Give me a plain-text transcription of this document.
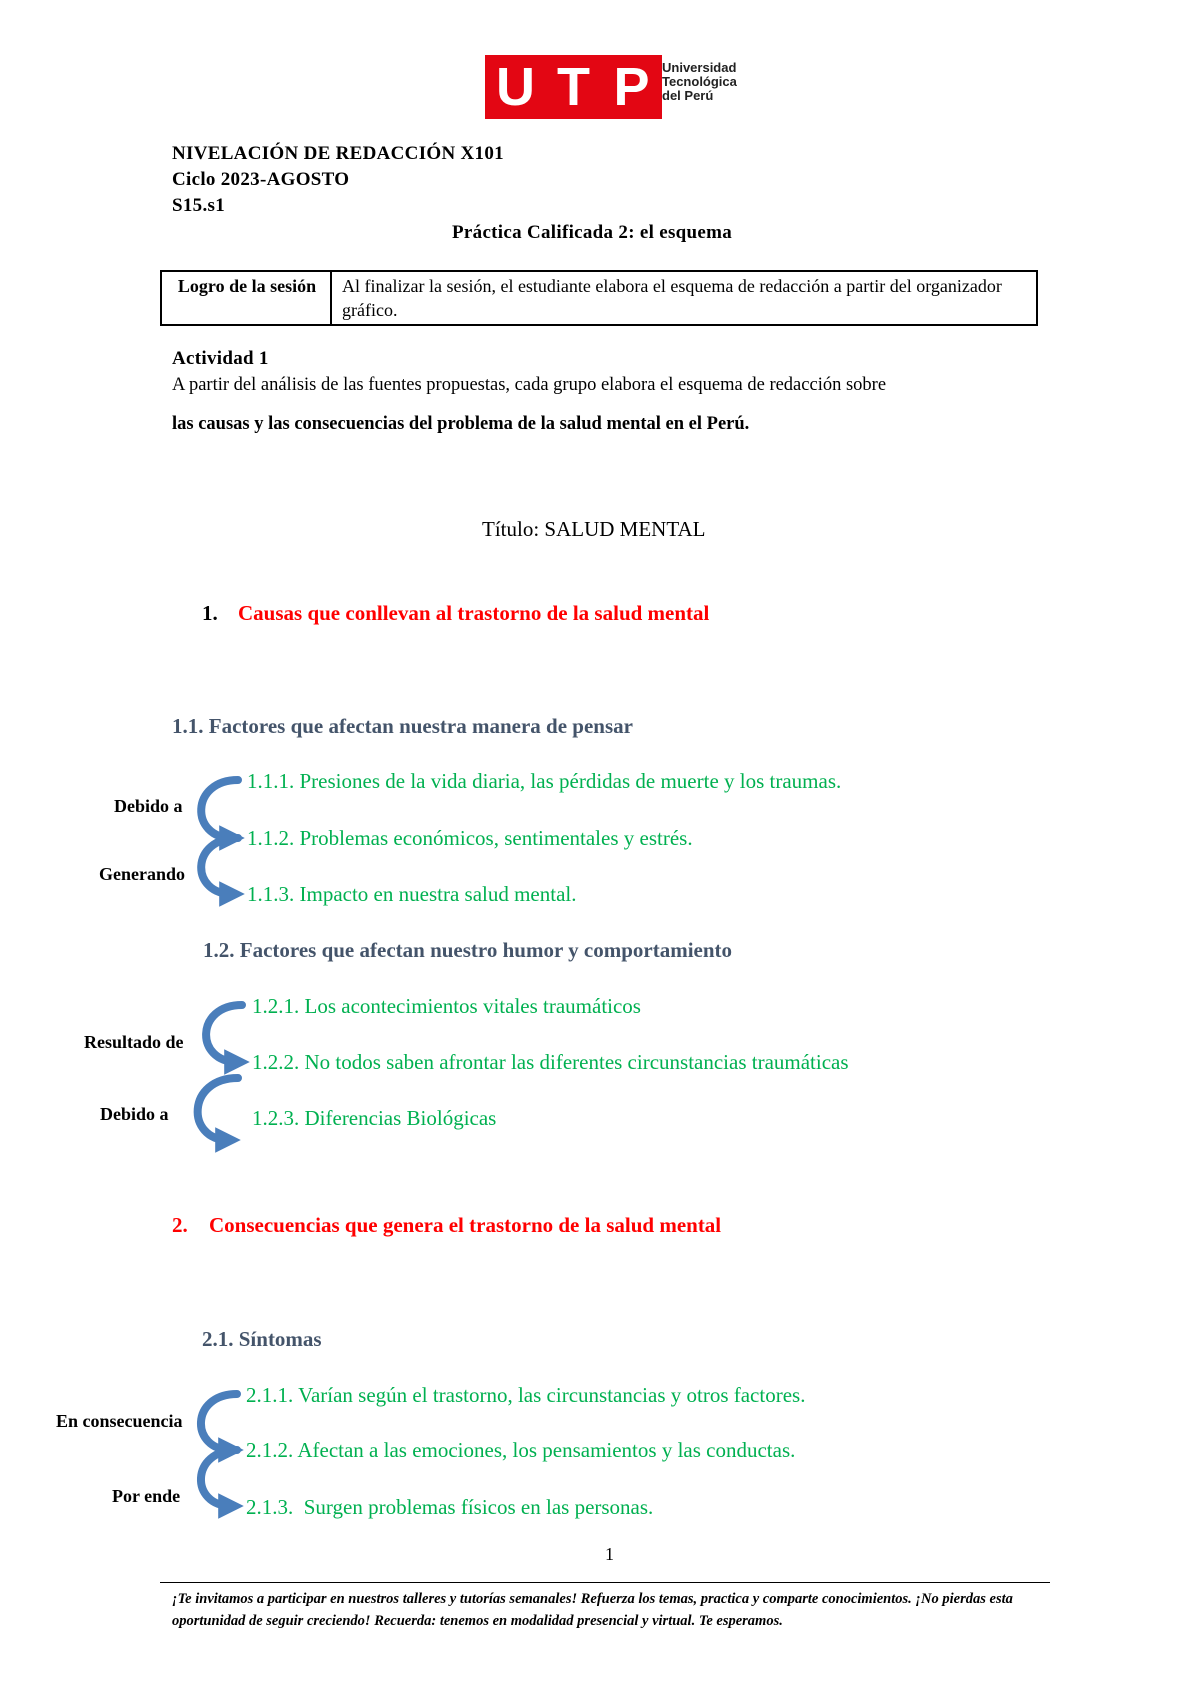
U T P Universidad
Tecnológica
del Perú
NIVELACIÓN DE REDACCIÓN X101
Ciclo 2023-AGOSTO
S15.s1
Práctica Calificada 2: el esquema
Logro de la sesión	Al finalizar la sesión, el estudiante elabora el esquema de redacción a partir del organizador gráfico.
Actividad 1
A partir del análisis de las fuentes propuestas, cada grupo elabora el esquema de redacción sobre
las causas y las consecuencias del problema de la salud mental en el Perú.
Título: SALUD MENTAL
1. Causas que conllevan al trastorno de la salud mental
1.1. Factores que afectan nuestra manera de pensar
Debido a
Generando
1.1.1. Presiones de la vida diaria, las pérdidas de muerte y los traumas.
1.1.2. Problemas económicos, sentimentales y estrés.
1.1.3. Impacto en nuestra salud mental.
1.2. Factores que afectan nuestro humor y comportamiento
Resultado de
Debido a
1.2.1. Los acontecimientos vitales traumáticos
1.2.2. No todos saben afrontar las diferentes circunstancias traumáticas
1.2.3. Diferencias Biológicas
2. Consecuencias que genera el trastorno de la salud mental
2.1. Síntomas
En consecuencia
Por ende
2.1.1. Varían según el trastorno, las circunstancias y otros factores.
2.1.2. Afectan a las emociones, los pensamientos y las conductas.
2.1.3.  Surgen problemas físicos en las personas.
1
¡Te invitamos a participar en nuestros talleres y tutorías semanales! Refuerza los temas, practica y comparte conocimientos. ¡No pierdas esta oportunidad de seguir creciendo! Recuerda: tenemos en modalidad presencial y virtual. Te esperamos.
